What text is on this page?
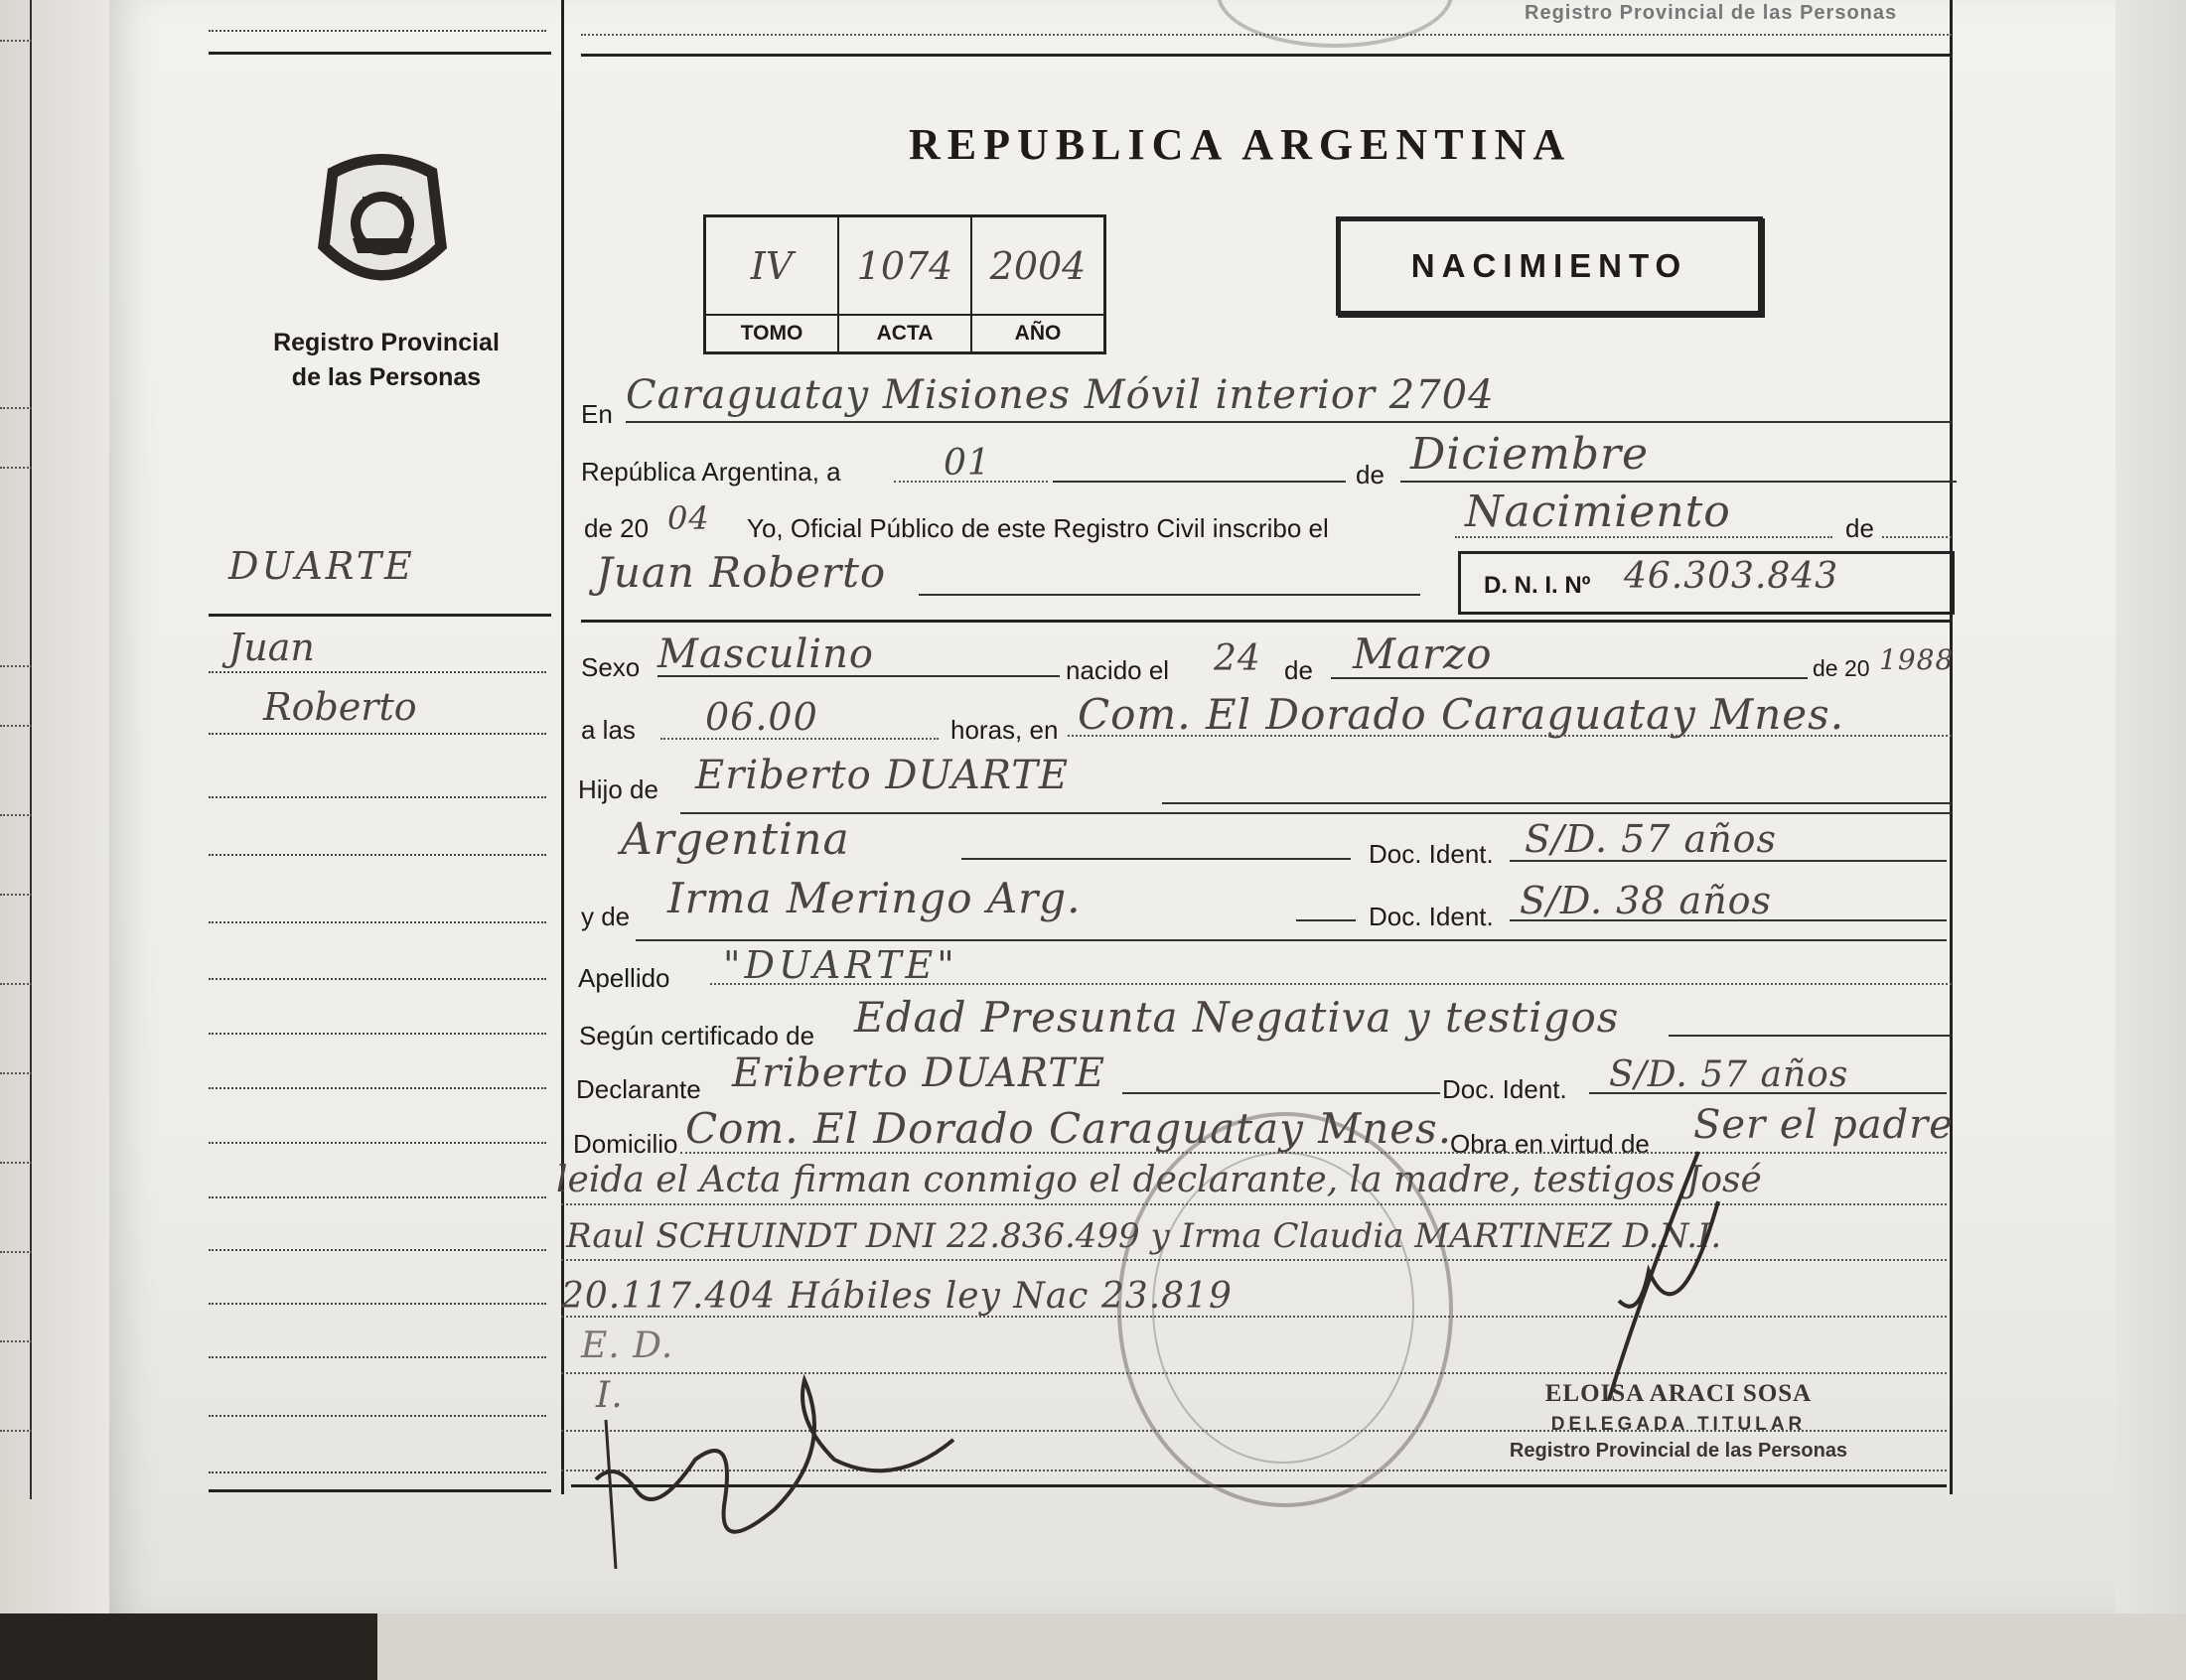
Registro Provincial
de las Personas
DUARTE
Juan
Roberto
Registro Provincial de las Personas
REPUBLICA ARGENTINA
IV	1074	2004
TOMO	ACTA	AÑO
NACIMIENTO
En Caraguatay Misiones Móvil interior 2704
República Argentina, a	01	de Diciembre
de 20 04 Yo, Oficial Público de este Registro Civil inscribo el	Nacimiento	de
Juan Roberto	D. N. I. Nº 46.303.843
Sexo Masculino	nacido el 24 de Marzo	de 20 1988
a las 06.00	horas, en Com. El Dorado Caraguatay Mnes.
Hijo de Eriberto DUARTE
Argentina	Doc. Ident. S/D. 57 años
y de Irma Meringo Arg.	Doc. Ident. S/D. 38 años
Apellido "DUARTE"
Según certificado de Edad Presunta Negativa y testigos
Declarante Eriberto DUARTE	Doc. Ident. S/D. 57 años
Domicilio Com. El Dorado Caraguatay Mnes.
Obra en virtud de Ser el padre
leida el Acta firman conmigo el declarante, la madre, testigos José
Raul SCHUINDT DNI 22.836.499 y Irma Claudia MARTINEZ D.N.I.
20.117.404 Hábiles ley Nac 23.819
E. D.
I.	ELOISA ARACI SOSA
DELEGADA TITULAR
Registro Provincial de las Personas
